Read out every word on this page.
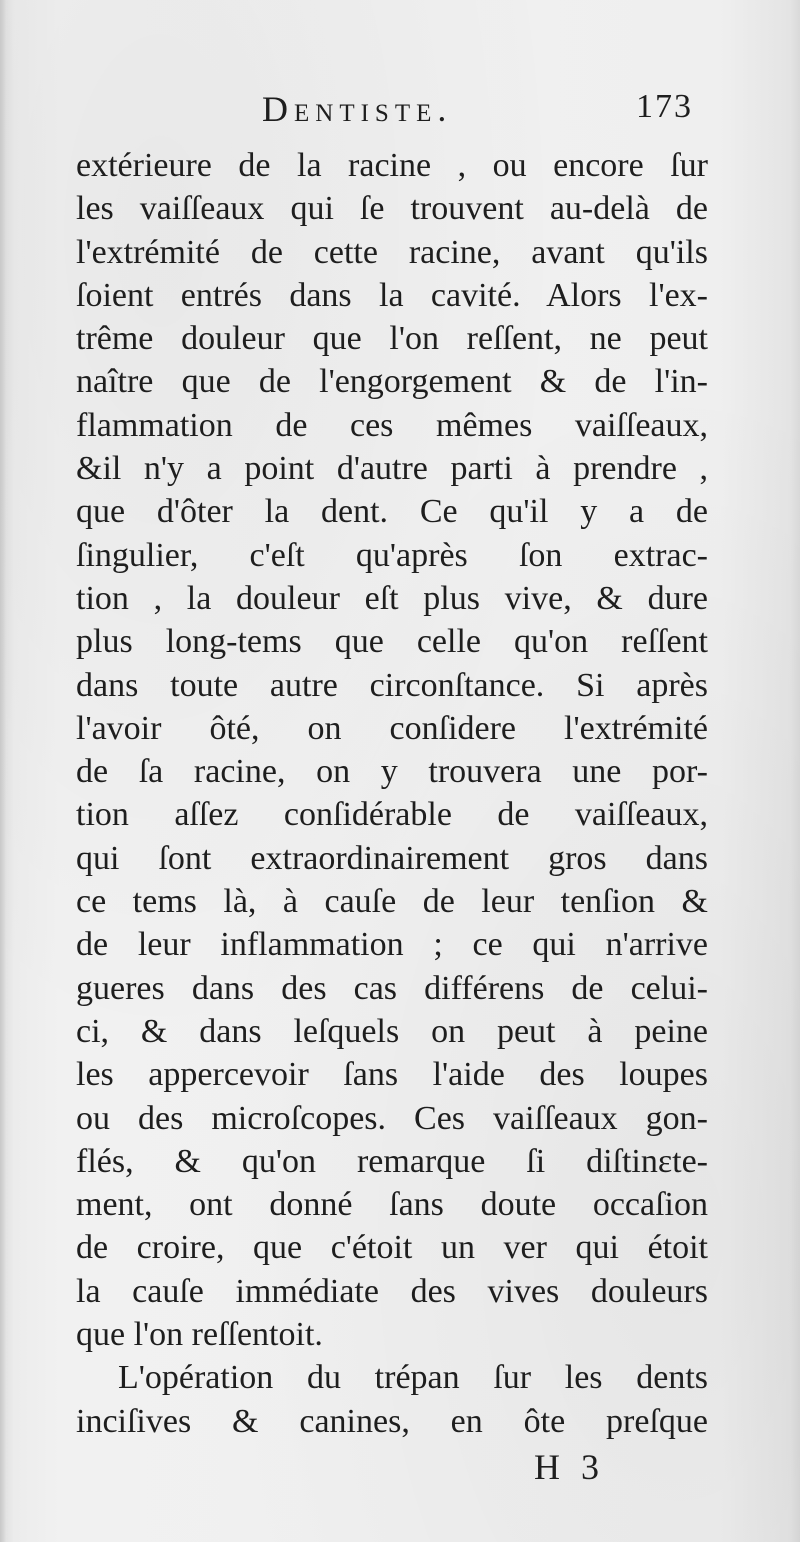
Dentiste.	173
extérieure de la racine , ou encore ſur
les vaiſſeaux qui ſe trouvent au-delà de
l'extrémité de cette racine, avant qu'ils
ſoient entrés dans la cavité. Alors l'ex-
trême douleur que l'on reſſent, ne peut
naître que de l'engorgement & de l'in-
flammation de ces mêmes vaiſſeaux,
&il n'y a point d'autre parti à prendre ,
que d'ôter la dent. Ce qu'il y a de
ſingulier, c'eſt qu'après ſon extrac-
tion , la douleur eſt plus vive, & dure
plus long-tems que celle qu'on reſſent
dans toute autre circonſtance. Si après
l'avoir ôté, on conſidere l'extrémité
de ſa racine, on y trouvera une por-
tion aſſez conſidérable de vaiſſeaux,
qui ſont extraordinairement gros dans
ce tems là, à cauſe de leur tenſion &
de leur inflammation ; ce qui n'arrive
gueres dans des cas différens de celui-
ci, & dans leſquels on peut à peine
les appercevoir ſans l'aide des loupes
ou des microſcopes. Ces vaiſſeaux gon-
flés, & qu'on remarque ſi diſtinɛte-
ment, ont donné ſans doute occaſion
de croire, que c'étoit un ver qui étoit
la cauſe immédiate des vives douleurs
que l'on reſſentoit.
L'opération du trépan ſur les dents
inciſives & canines, en ôte preſque
H 3
